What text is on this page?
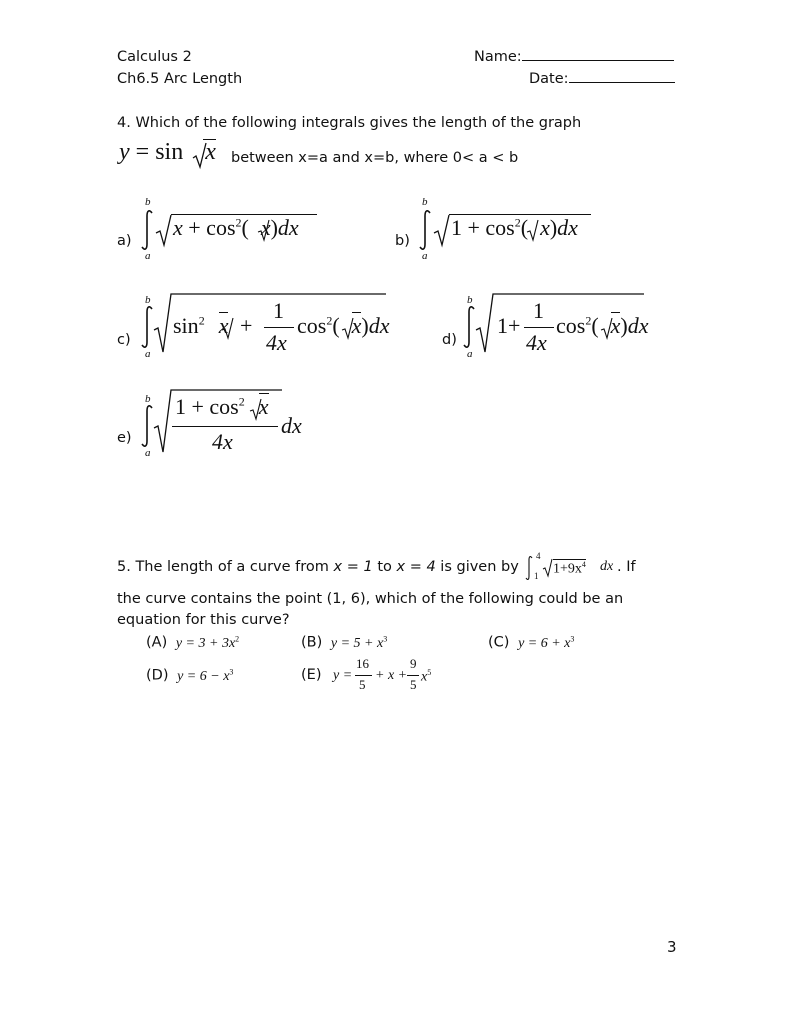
Calculus 2
Ch6.5 Arc Length
Name:
Date:
4. Which of the following integrals gives the length of the graph
y = sin x between x=a and x=b, where 0< a < b
a)
b
a
$x + \cos^2$( x)dx
b)
b
a
$1 + \cos^2$( x)dx
c)
b
a
$\sin^2 x$ +
1
4x
$\cos^2$( x)dx
d)
b
a
1+
1
4x
$\cos^2$( x)dx
e)
b
a
$1 + \cos^2 x$
4x
dx
5. The length of a curve from x = 1 to x = 4 is given by
4
1 $1+9x^4$ dx . If
the curve contains the point (1, 6), which of the following could be an
equation for this curve?
(A) $y = 3 + 3x^2$	(B) $y = 5 + x^3$	(C) $y = 6 + x^3$
(D) $y = 6 - x^3$	(E) y =
16
5
+ x +
9
5 $x^5$
3
